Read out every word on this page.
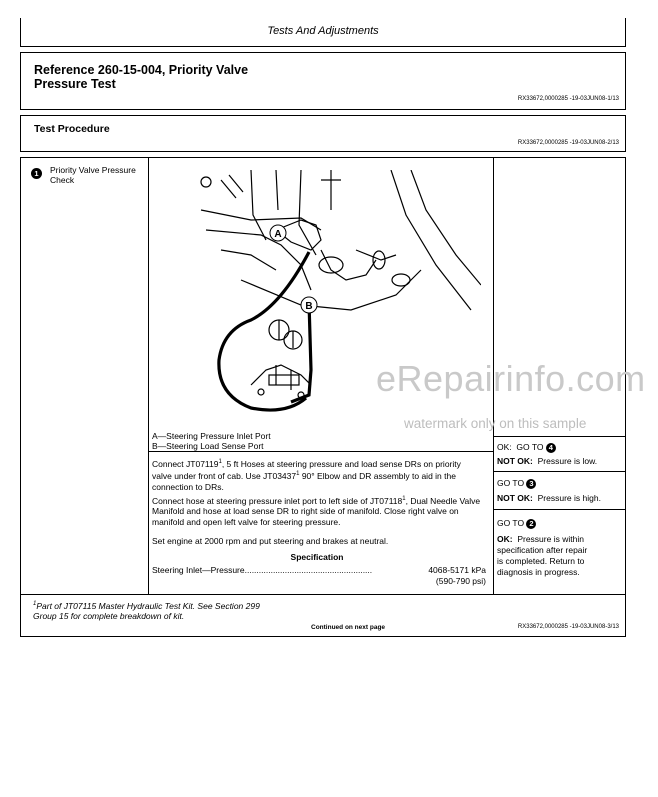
Tests And Adjustments
Reference 260-15-004, Priority Valve
Pressure Test
RX33672,0000285 -19-03JUN08-1/13
Test Procedure
RX33672,0000285 -19-03JUN08-2/13
1	Priority Valve Pressure
Check
A
B
A—Steering Pressure Inlet Port
B—Steering Load Sense Port
Connect JT07119$^1$, 5 ft Hoses at steering pressure and load sense DRs on priority valve under front of cab. Use JT03437$^1$ 90° Elbow and DR assembly to aid in the connection to DRs.
Connect hose at steering pressure inlet port to left side of JT07118$^1$, Dual Needle Valve Manifold and hose at load sense DR to right side of manifold. Close right valve on manifold and open left valve for steering pressure.
Set engine at 2000 rpm and put steering and brakes at neutral.
Specification
Steering Inlet—Pressure......................................................	4068-5171 kPa
(590-790 psi)
OK: GO TO 4
NOT OK: Pressure is low.
GO TO 3
NOT OK: Pressure is high.
GO TO 2
OK: Pressure is within
specification after repair
is completed. Return to
diagnosis in progress.
$^1$Part of JT07115 Master Hydraulic Test Kit. See Section 299
Group 15 for complete breakdown of kit.
Continued on next page	RX33672,0000285 -19-03JUN08-3/13
eRepairinfo.com
watermark only on this sample
